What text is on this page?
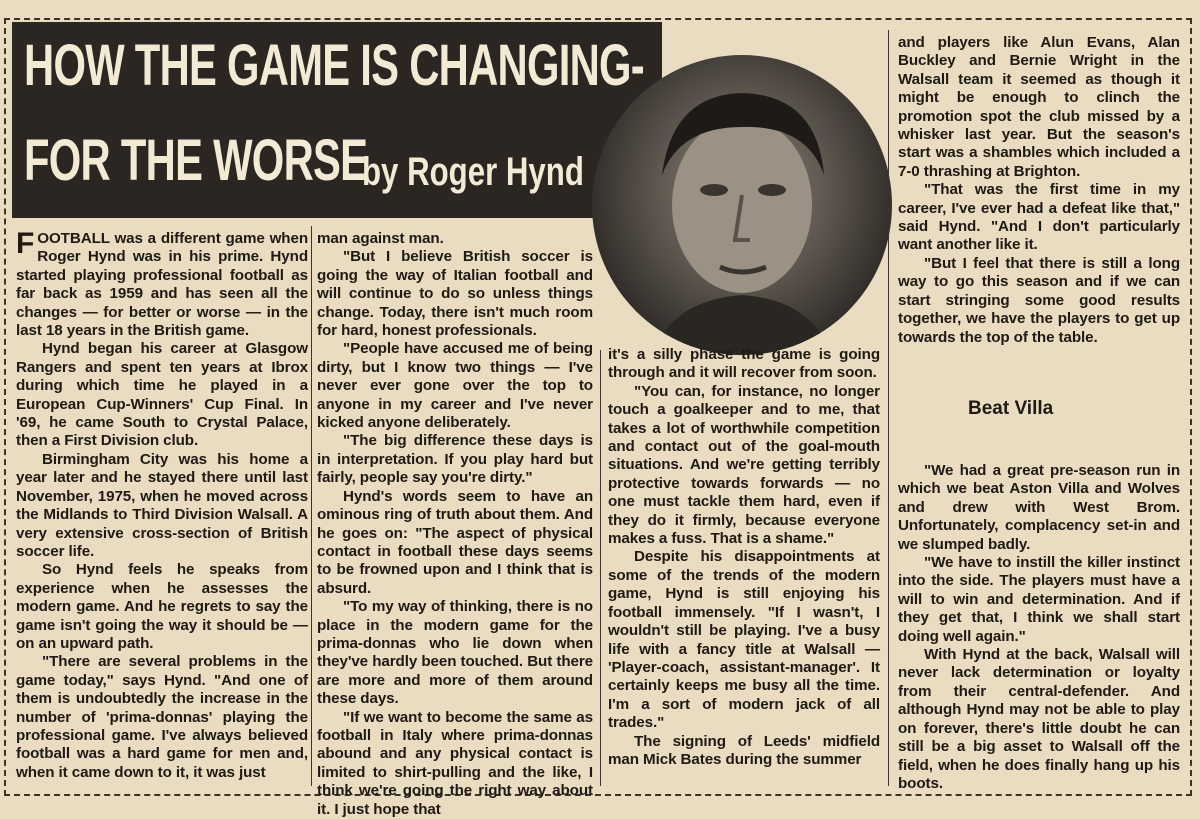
HOW THE GAME IS CHANGING-
FOR THE WORSE
by Roger Hynd

FOOTBALL was a different game when Roger Hynd was in his prime. Hynd started playing professional football as far back as 1959 and has seen all the changes — for better or worse — in the last 18 years in the British game.

Hynd began his career at Glasgow Rangers and spent ten years at Ibrox during which time he played in a European Cup-Winners' Cup Final. In '69, he came South to Crystal Palace, then a First Division club.

Birmingham City was his home a year later and he stayed there until last November, 1975, when he moved across the Midlands to Third Division Walsall. A very extensive cross-section of British soccer life.

So Hynd feels he speaks from experience when he assesses the modern game. And he regrets to say the game isn't going the way it should be — on an upward path.

"There are several problems in the game today," says Hynd. "And one of them is undoubtedly the increase in the number of 'prima-donnas' playing the professional game. I've always believed football was a hard game for men and, when it came down to it, it was just

man against man.

"But I believe British soccer is going the way of Italian football and will continue to do so unless things change. Today, there isn't much room for hard, honest professionals.

"People have accused me of being dirty, but I know two things — I've never ever gone over the top to anyone in my career and I've never kicked anyone deliberately.

"The big difference these days is in interpretation. If you play hard but fairly, people say you're dirty."

Hynd's words seem to have an ominous ring of truth about them. And he goes on: "The aspect of physical contact in football these days seems to be frowned upon and I think that is absurd.

"To my way of thinking, there is no place in the modern game for the prima-donnas who lie down when they've hardly been touched. But there are more and more of them around these days.

"If we want to become the same as football in Italy where prima-donnas abound and any physical contact is limited to shirt-pulling and the like, I think we're going the right way about it. I just hope that

it's a silly phase the game is going through and it will recover from soon.

"You can, for instance, no longer touch a goalkeeper and to me, that takes a lot of worthwhile competition and contact out of the goal-mouth situations. And we're getting terribly protective towards forwards — no one must tackle them hard, even if they do it firmly, because everyone makes a fuss. That is a shame."

Despite his disappointments at some of the trends of the modern game, Hynd is still enjoying his football immensely. "If I wasn't, I wouldn't still be playing. I've a busy life with a fancy title at Walsall — 'Player-coach, assistant-manager'. It certainly keeps me busy all the time. I'm a sort of modern jack of all trades."

The signing of Leeds' midfield man Mick Bates during the summer

and players like Alun Evans, Alan Buckley and Bernie Wright in the Walsall team it seemed as though it might be enough to clinch the promotion spot the club missed by a whisker last year. But the season's start was a shambles which included a 7-0 thrashing at Brighton.

"That was the first time in my career, I've ever had a defeat like that," said Hynd. "And I don't particularly want another like it.

"But I feel that there is still a long way to go this season and if we can start stringing some good results together, we have the players to get up towards the top of the table.

Beat Villa

"We had a great pre-season run in which we beat Aston Villa and Wolves and drew with West Brom. Unfortunately, complacency set-in and we slumped badly.

"We have to instill the killer instinct into the side. The players must have a will to win and determination. And if they get that, I think we shall start doing well again."

With Hynd at the back, Walsall will never lack determination or loyalty from their central-defender. And although Hynd may not be able to play on forever, there's little doubt he can still be a big asset to Walsall off the field, when he does finally hang up his boots.
